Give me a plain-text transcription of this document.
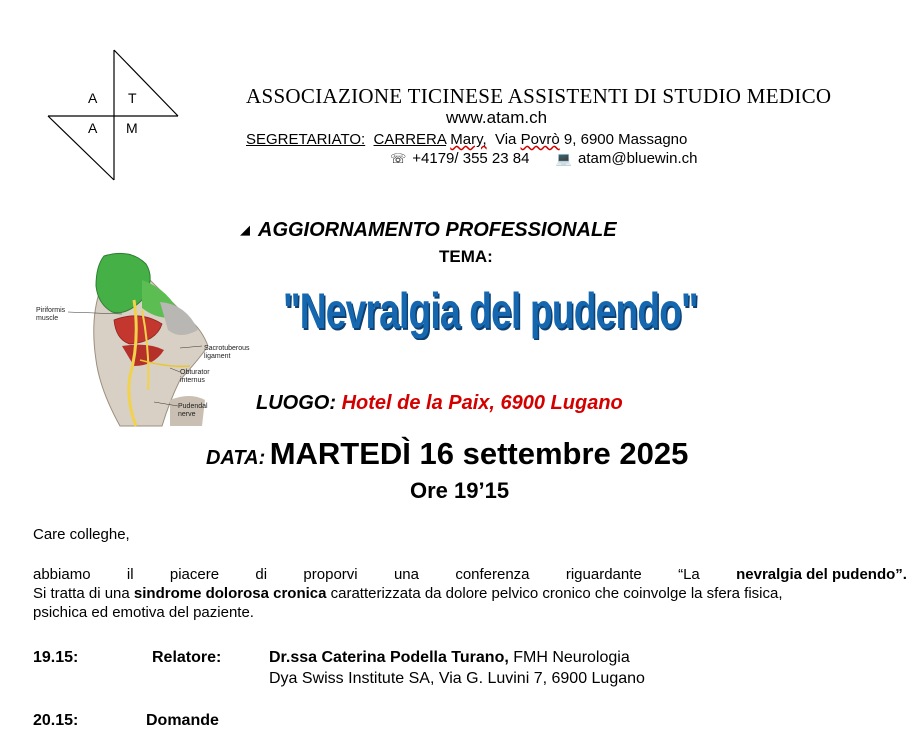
A T
A M
ASSOCIAZIONE TICINESE ASSISTENTI DI STUDIO MEDICO
www.atam.ch
SEGRETARIATO: CARRERA Mary, Via Povrò 9, 6900 Massagno
☏ +4179/ 355 23 84 💻 atam@bluewin.ch
◢ AGGIORNAMENTO PROFESSIONALE
TEMA:
Piriformis
muscle
Sacrotuberous
ligament
Obturator
internus
Pudendal
nerve
"Nevralgia del pudendo"
LUOGO: Hotel de la Paix, 6900 Lugano
DATA: MARTEDÌ 16 settembre 2025
Ore 19’15
Care colleghe,
abbiamo il piacere di proporvi una conferenza riguardante “La nevralgia del pudendo”.
Si tratta di una sindrome dolorosa cronica caratterizzata da dolore pelvico cronico che coinvolge la sfera fisica,
psichica ed emotiva del paziente.
19.15:	Relatore:	Dr.ssa Caterina Podella Turano, FMH Neurologia
Dya Swiss Institute SA, Via G. Luvini 7, 6900 Lugano
20.15:	Domande
